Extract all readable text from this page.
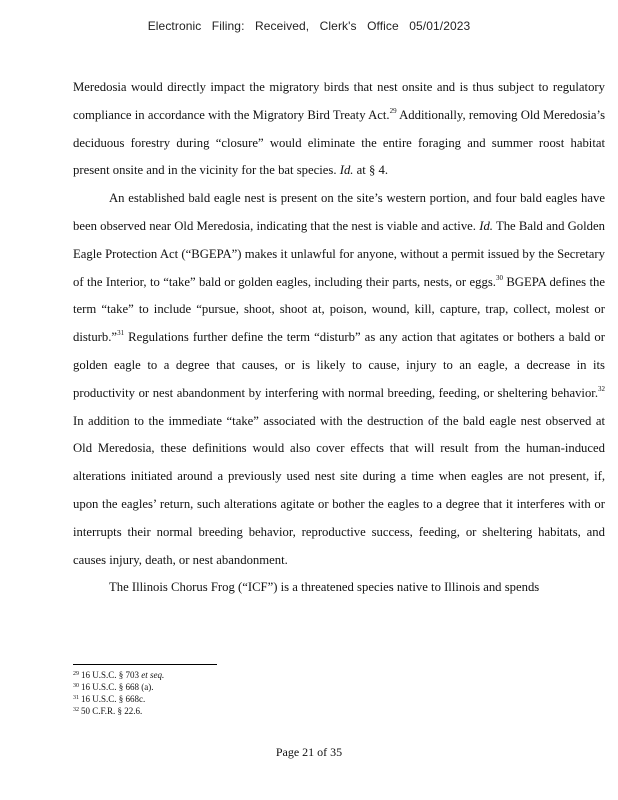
Electronic Filing: Received, Clerk's Office 05/01/2023

Meredosia would directly impact the migratory birds that nest onsite and is thus subject to regulatory compliance in accordance with the Migratory Bird Treaty Act.$^{29}$ Additionally, removing Old Meredosia’s deciduous forestry during “closure” would eliminate the entire foraging and summer roost habitat present onsite and in the vicinity for the bat species. Id. at § 4.

An established bald eagle nest is present on the site’s western portion, and four bald eagles have been observed near Old Meredosia, indicating that the nest is viable and active. Id. The Bald and Golden Eagle Protection Act (“BGEPA”) makes it unlawful for anyone, without a permit issued by the Secretary of the Interior, to “take” bald or golden eagles, including their parts, nests, or eggs.$^{30}$ BGEPA defines the term “take” to include “pursue, shoot, shoot at, poison, wound, kill, capture, trap, collect, molest or disturb.”$^{31}$ Regulations further define the term “disturb” as any action that agitates or bothers a bald or golden eagle to a degree that causes, or is likely to cause, injury to an eagle, a decrease in its productivity or nest abandonment by interfering with normal breeding, feeding, or sheltering behavior.$^{32}$ In addition to the immediate “take” associated with the destruction of the bald eagle nest observed at Old Meredosia, these definitions would also cover effects that will result from the human-induced alterations initiated around a previously used nest site during a time when eagles are not present, if, upon the eagles’ return, such alterations agitate or bother the eagles to a degree that it interferes with or interrupts their normal breeding behavior, reproductive success, feeding, or sheltering habitats, and causes injury, death, or nest abandonment.

The Illinois Chorus Frog (“ICF”) is a threatened species native to Illinois and spends

$^{29}$ 16 U.S.C. § 703 et seq.
$^{30}$ 16 U.S.C. § 668 (a).
$^{31}$ 16 U.S.C. § 668c.
$^{32}$ 50 C.F.R. § 22.6.
Page 21 of 35
